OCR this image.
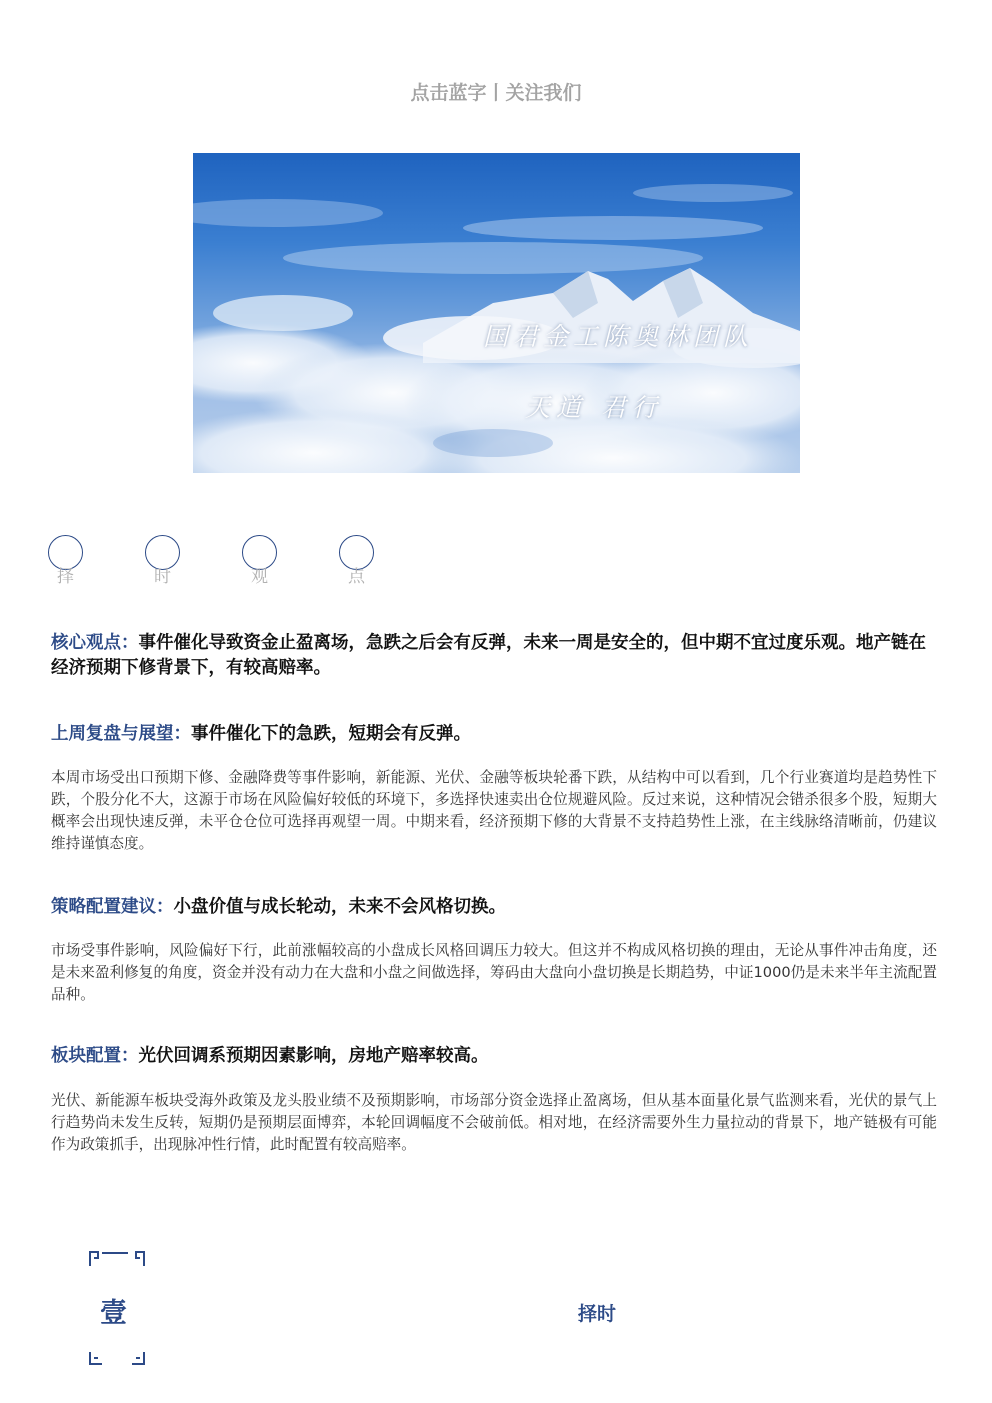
点击蓝字丨关注我们
国君金工陈奥林团队
天道 君行
择	时	观	点
核心观点：事件催化导致资金止盈离场，急跌之后会有反弹，未来一周是安全的，但中期不宜过度乐观。地产链在经济预期下修背景下，有较高赔率。
上周复盘与展望：事件催化下的急跌，短期会有反弹。
本周市场受出口预期下修、金融降费等事件影响，新能源、光伏、金融等板块轮番下跌，从结构中可以看到，几个行业赛道均是趋势性下跌，个股分化不大，这源于市场在风险偏好较低的环境下，多选择快速卖出仓位规避风险。反过来说，这种情况会错杀很多个股，短期大概率会出现快速反弹，未平仓仓位可选择再观望一周。中期来看，经济预期下修的大背景不支持趋势性上涨，在主线脉络清晰前，仍建议维持谨慎态度。
策略配置建议：小盘价值与成长轮动，未来不会风格切换。
市场受事件影响，风险偏好下行，此前涨幅较高的小盘成长风格回调压力较大。但这并不构成风格切换的理由，无论从事件冲击角度，还是未来盈利修复的角度，资金并没有动力在大盘和小盘之间做选择，筹码由大盘向小盘切换是长期趋势，中证1000仍是未来半年主流配置品种。
板块配置：光伏回调系预期因素影响，房地产赔率较高。
光伏、新能源车板块受海外政策及龙头股业绩不及预期影响，市场部分资金选择止盈离场，但从基本面量化景气监测来看，光伏的景气上行趋势尚未发生反转，短期仍是预期层面博弈，本轮回调幅度不会破前低。相对地，在经济需要外生力量拉动的背景下，地产链极有可能作为政策抓手，出现脉冲性行情，此时配置有较高赔率。
壹	择时
